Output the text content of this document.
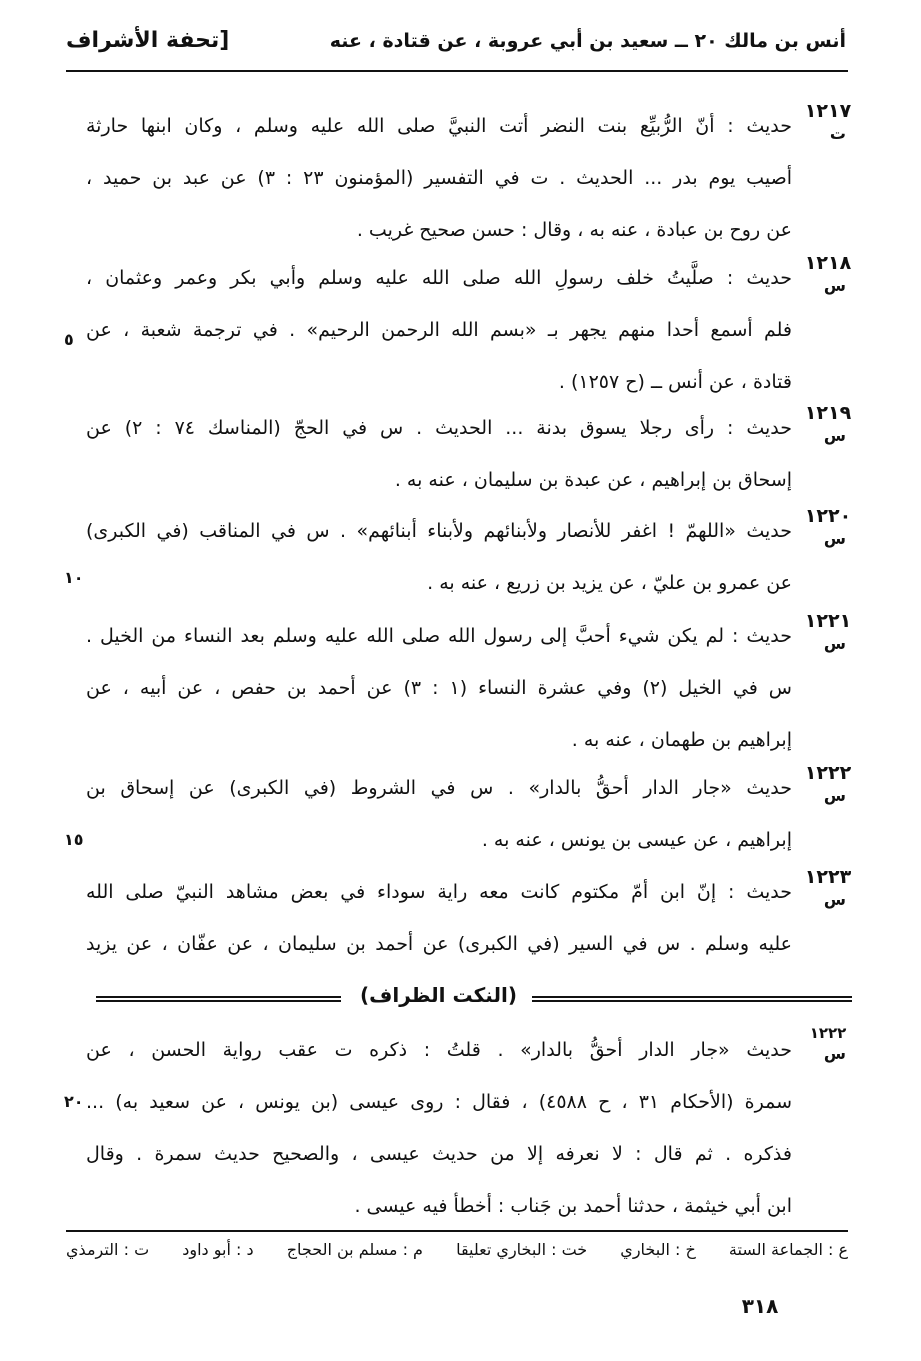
أنس بن مالك ٢٠ ــ سعيد بن أبي عروبة ، عن قتادة ، عنه
[تحفة الأشراف
١٢١٧
ت
حديث : أنّ الرُّبيِّع بنت النضر أتت النبيَّ صلى الله عليه وسلم ، وكان ابنها حارثة
أصيب يوم بدر ... الحديث . ت في التفسير (المؤمنون ٢٣ : ٣) عن عبد بن حميد ،
عن روح بن عبادة ، عنه به ، وقال : حسن صحيح غريب .
١٢١٨
س
حديث : صلَّيتُ خلف رسولِ الله صلى الله عليه وسلم وأبي بكر وعمر وعثمان ،
فلم أسمع أحدا منهم يجهر بـ «بسم الله الرحمن الرحيم» . في ترجمة شعبة ، عن
قتادة ، عن أنس ــ (ح ١٢٥٧) .
١٢١٩
س
حديث : رأى رجلا يسوق بدنة ... الحديث . س في الحجّ (المناسك ٧٤ : ٢) عن
إسحاق بن إبراهيم ، عن عبدة بن سليمان ، عنه به .
١٢٢٠
س
حديث «اللهمّ ! اغفر للأنصار ولأبنائهم ولأبناء أبنائهم» . س في المناقب (في الكبرى)
عن عمرو بن عليّ ، عن يزيد بن زريع ، عنه به .
١٢٢١
س
حديث : لم يكن شيء أحبَّ إلى رسول الله صلى الله عليه وسلم بعد النساء من الخيل .
س في الخيل (٢) وفي عشرة النساء (١ : ٣) عن أحمد بن حفص ، عن أبيه ، عن
إبراهيم بن طهمان ، عنه به .
١٢٢٢
س
حديث «جار الدار أحقُّ بالدار» . س في الشروط (في الكبرى) عن إسحاق بن
إبراهيم ، عن عيسى بن يونس ، عنه به .
١٢٢٣
س
حديث : إنّ ابن أمّ مكتوم كانت معه راية سوداء في بعض مشاهد النبيّ صلى الله
عليه وسلم . س في السير (في الكبرى) عن أحمد بن سليمان ، عن عفّان ، عن يزيد
(النكت الظراف)
١٢٢٢
س
حديث «جار الدار أحقُّ بالدار» . قلتُ : ذكره ت عقب رواية الحسن ، عن
سمرة (الأحكام ٣١ ، ح ٤٥٨٨) ، فقال : روى عيسى (بن يونس ، عن سعيد به) ...
فذكره . ثم قال : لا نعرفه إلا من حديث عيسى ، والصحيح حديث سمرة . وقال
ابن أبي خيثمة ، حدثنا أحمد بن جَناب : أخطأ فيه عيسى .
٥
١٠
١٥
٢٠
ع : الجماعة الستة
خ : البخاري
خت : البخاري تعليقا
م : مسلم بن الحجاج
د : أبو داود
ت : الترمذي
٣١٨
